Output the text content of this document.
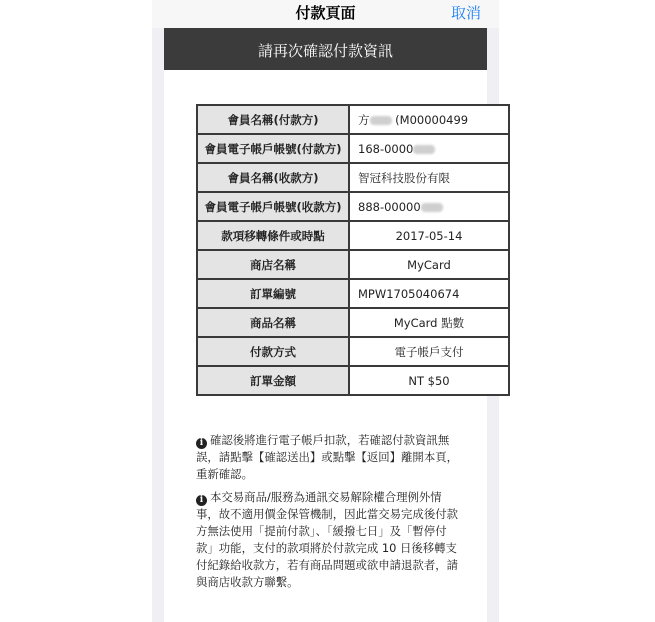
付款頁面	取消
請再次確認付款資訊
會員名稱(付款方)	方 (M00000499
會員電子帳戶帳號(付款方)	168-0000
會員名稱(收款方)	智冠科技股份有限
會員電子帳戶帳號(收款方)	888-00000
款項移轉條件或時點	2017-05-14
商店名稱	MyCard
訂單編號	MPW1705040674
商品名稱	MyCard 點數
付款方式	電子帳戶支付
訂單金額	NT $50
i 確認後將進行電子帳戶扣款，若確認付款資訊無誤，請點擊【確認送出】或點擊【返回】離開本頁，重新確認。
i 本交易商品/服務為通訊交易解除權合理例外情事，故不適用價金保管機制，因此當交易完成後付款方無法使用「提前付款」、「緩撥七日」及「暫停付款」功能，支付的款項將於付款完成 10 日後移轉支付紀錄給收款方，若有商品問題或欲申請退款者，請與商店收款方聯繫。
